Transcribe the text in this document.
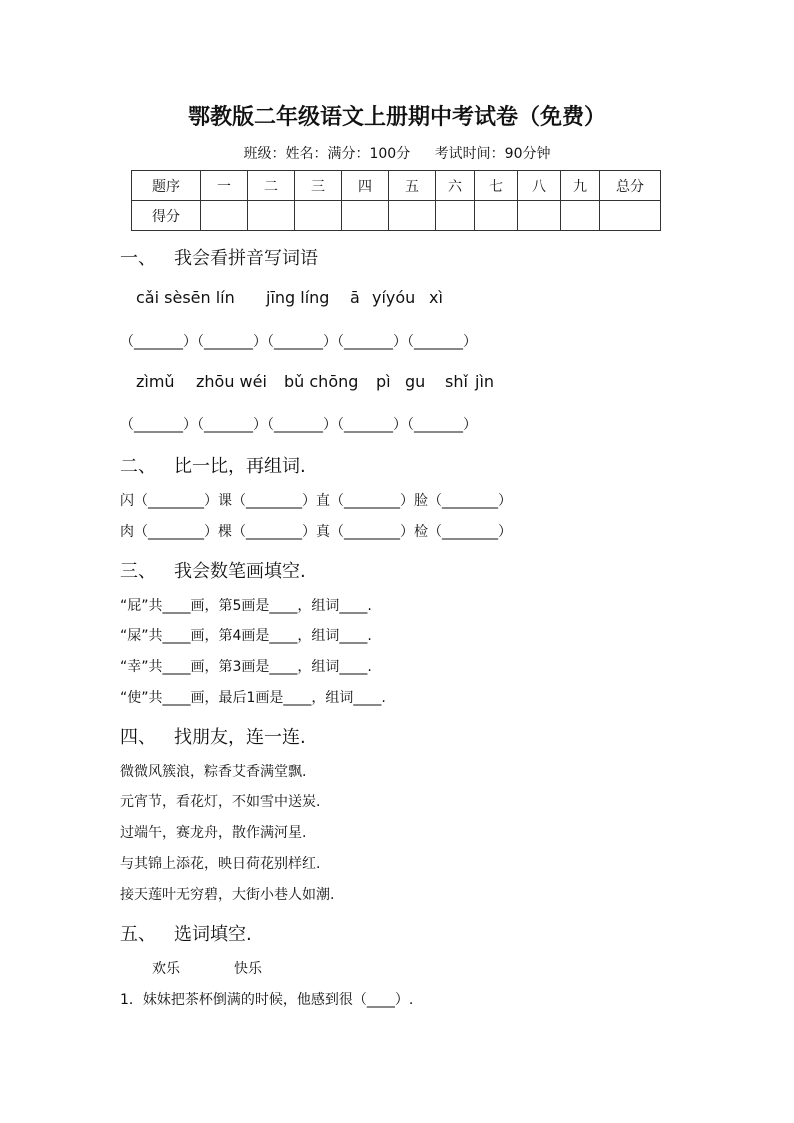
鄂教版二年级语文上册期中考试卷（免费）
班级：姓名：满分：100分 考试时间：90分钟
题序	一	二	三	四	五	六	七	八	九	总分
得分										
一、 我会看拼音写词语
cǎi sèsēn lín jīng líng ā yíyóu xì
（_______）（_______）（_______）（_______）（_______）
zìmǔ zhōu wéi bǔ chōng pì gu shǐ jìn
（_______）（_______）（_______）（_______）（_______）
二、 比一比，再组词.
闪（________）课（________）直（________）脸（________）
肉（________）棵（________）真（________）检（________）
三、 我会数笔画填空.
“屁”共____画，第5画是____，组词____.
“屎”共____画，第4画是____，组词____.
“幸”共____画，第3画是____，组词____.
“使”共____画，最后1画是____，组词____.
四、 找朋友，连一连.
微微风簇浪，粽香艾香满堂飘.
元宵节，看花灯，不如雪中送炭.
过端午，赛龙舟，散作满河星.
与其锦上添花，映日荷花别样红.
接天莲叶无穷碧，大街小巷人如潮.
五、 选词填空.
欢乐	快乐
1．妹妹把茶杯倒满的时候，他感到很（____）.
